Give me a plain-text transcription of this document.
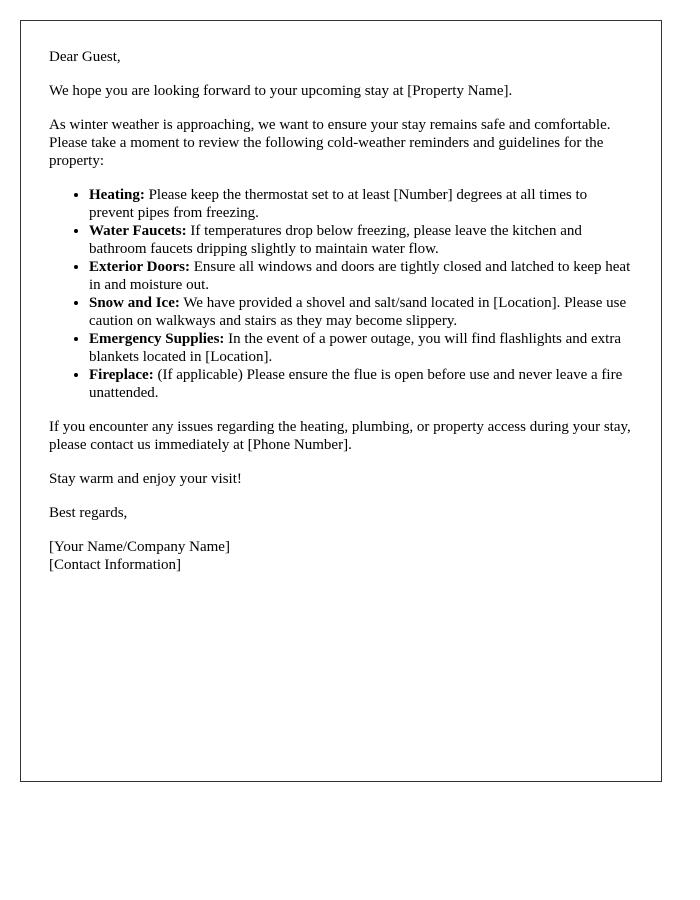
Dear Guest,

We hope you are looking forward to your upcoming stay at [Property Name].

As winter weather is approaching, we want to ensure your stay remains safe and comfortable. Please take a moment to review the following cold-weather reminders and guidelines for the property:

• Heating: Please keep the thermostat set to at least [Number] degrees at all times to prevent pipes from freezing.
• Water Faucets: If temperatures drop below freezing, please leave the kitchen and bathroom faucets dripping slightly to maintain water flow.
• Exterior Doors: Ensure all windows and doors are tightly closed and latched to keep heat in and moisture out.
• Snow and Ice: We have provided a shovel and salt/sand located in [Location]. Please use caution on walkways and stairs as they may become slippery.
• Emergency Supplies: In the event of a power outage, you will find flashlights and extra blankets located in [Location].
• Fireplace: (If applicable) Please ensure the flue is open before use and never leave a fire unattended.

If you encounter any issues regarding the heating, plumbing, or property access during your stay, please contact us immediately at [Phone Number].

Stay warm and enjoy your visit!

Best regards,

[Your Name/Company Name]

[Contact Information]
